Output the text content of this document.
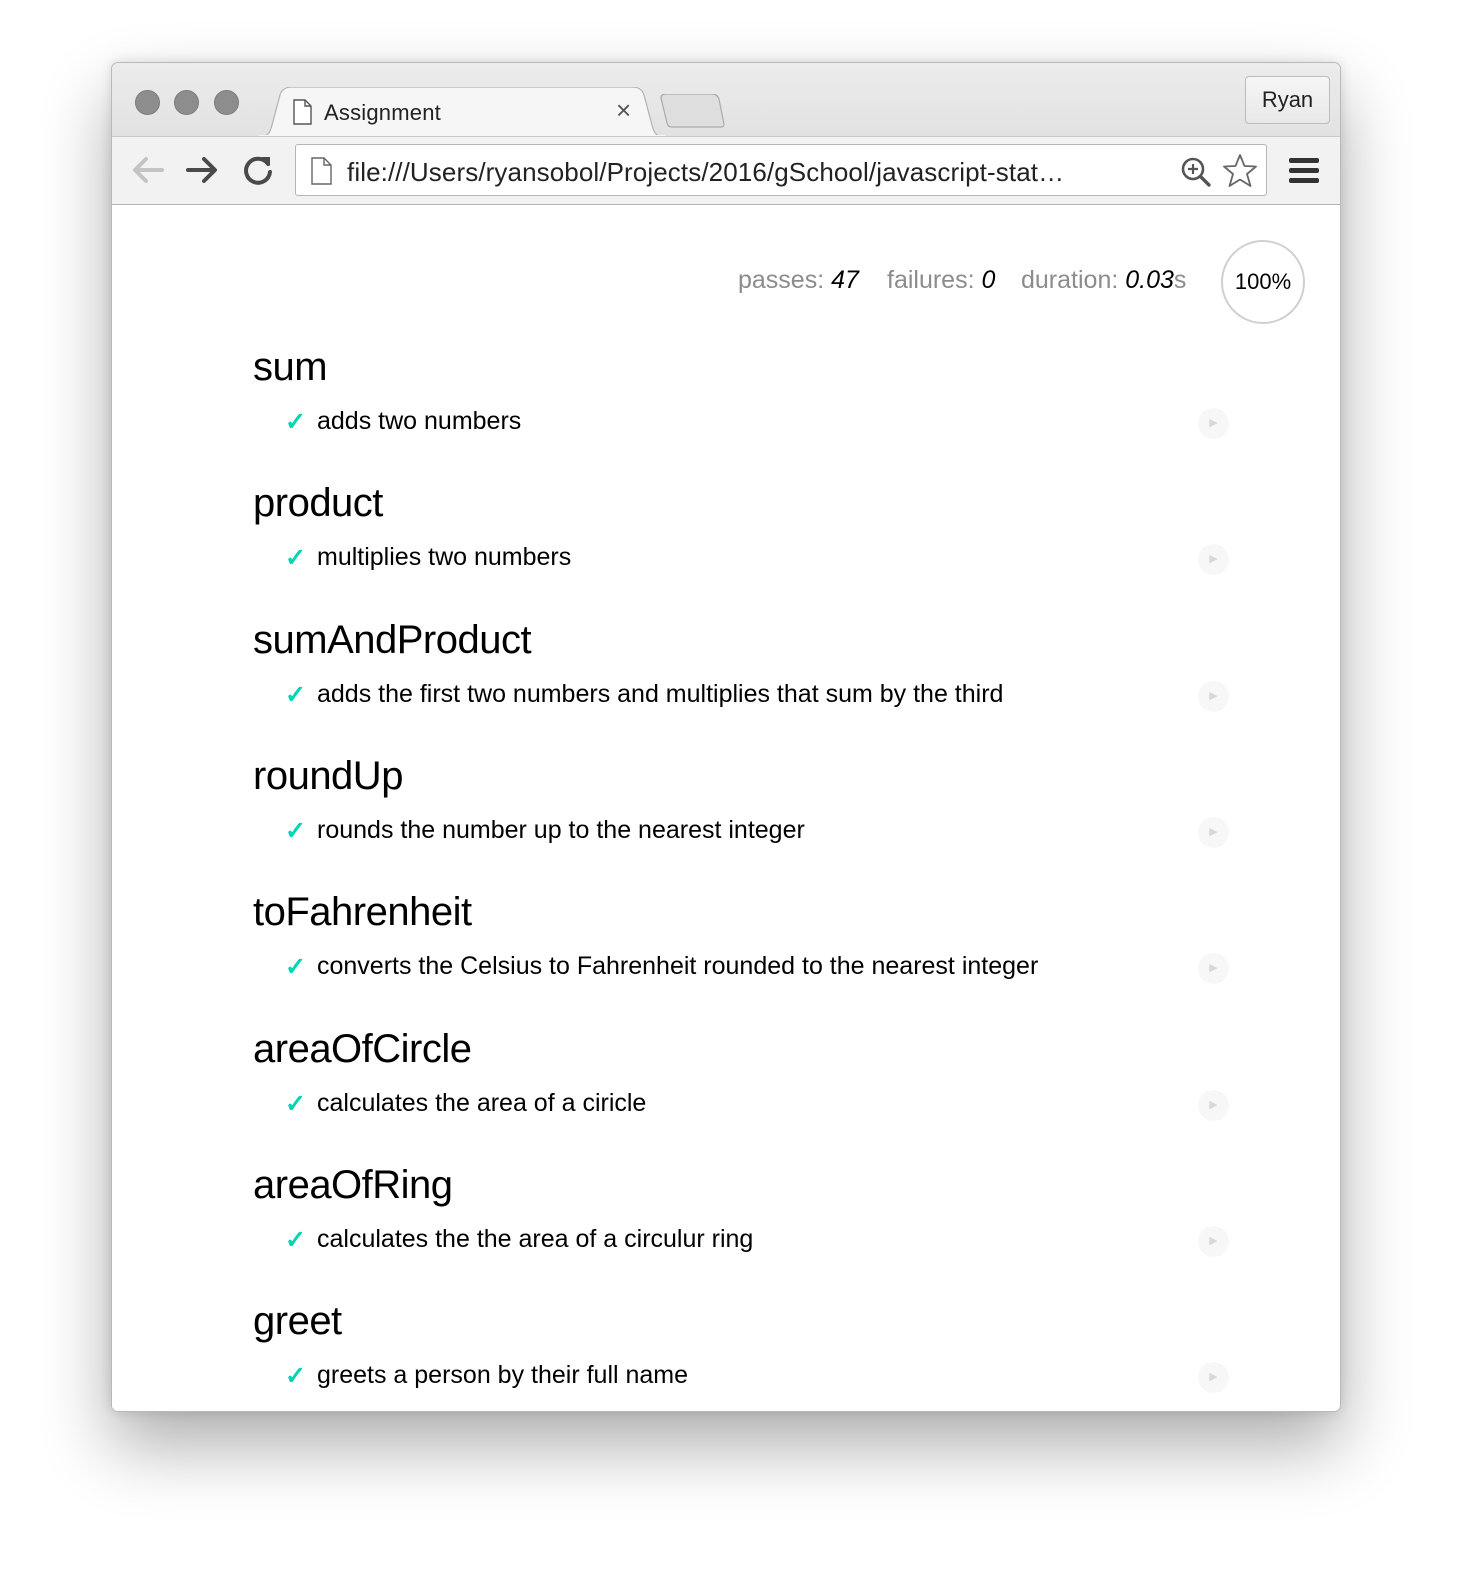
Assignment	×	Ryan
file:///Users/ryansobol/Projects/2016/gSchool/javascript-stat…
passes: 47 failures: 0 duration: 0.03s	100%
sum
✓ adds two numbers	▶
product
✓ multiplies two numbers	▶
sumAndProduct
✓ adds the first two numbers and multiplies that sum by the third	▶
roundUp
✓ rounds the number up to the nearest integer	▶
toFahrenheit
✓ converts the Celsius to Fahrenheit rounded to the nearest integer	▶
areaOfCircle
✓ calculates the area of a ciricle	▶
areaOfRing
✓ calculates the the area of a circulur ring	▶
greet
✓ greets a person by their full name	▶
